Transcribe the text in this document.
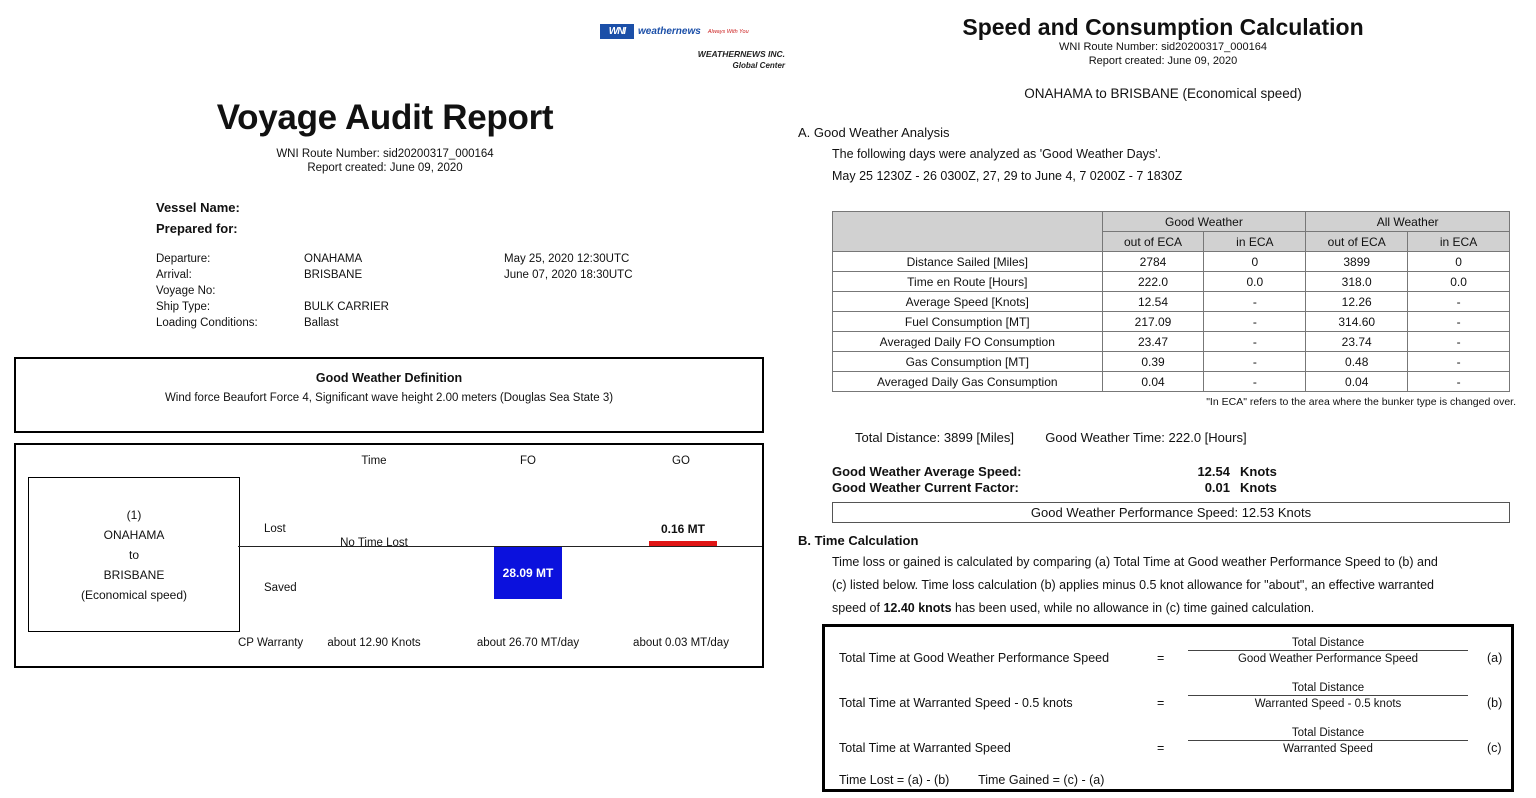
Voyage Audit Report
WNI Route Number: sid20200317_000164
Report created: June 09, 2020
Vessel Name:
Prepared for:
Departure:	ONAHAMA	May 25, 2020 12:30UTC
Arrival:	BRISBANE	June 07, 2020 18:30UTC
Voyage No:
Ship Type:	BULK CARRIER
Loading Conditions:	Ballast
Good Weather Definition
Wind force Beaufort Force 4, Significant wave height 2.00 meters (Douglas Sea State 3)
(1)
ONAHAMA
to
BRISBANE
(Economical speed)
Time	FO	GO
Lost
Saved
No Time Lost
28.09 MT
0.16 MT
CP Warranty	about 12.90 Knots	about 26.70 MT/day	about 0.03 MT/day
WNI	weathernews Always With You
WEATHERNEWS INC.
Global Center
Speed and Consumption Calculation
WNI Route Number: sid20200317_000164
Report created: June 09, 2020
ONAHAMA to BRISBANE (Economical speed)
A. Good Weather Analysis
The following days were analyzed as 'Good Weather Days'.
May 25 1230Z - 26 0300Z, 27, 29 to June 4, 7 0200Z - 7 1830Z
	Good Weather		All Weather	
	out of ECA	in ECA	out of ECA	in ECA
Distance Sailed [Miles]	2784	0	3899	0
Time en Route [Hours]	222.0	0.0	318.0	0.0
Average Speed [Knots]	12.54	-	12.26	-
Fuel Consumption [MT]	217.09	-	314.60	-
Averaged Daily FO Consumption	23.47	-	23.74	-
Gas Consumption [MT]	0.39	-	0.48	-
Averaged Daily Gas Consumption	0.04	-	0.04	-
"In ECA" refers to the area where the bunker type is changed over.
Total Distance: 3899 [Miles] Good Weather Time: 222.0 [Hours]
Good Weather Average Speed:	12.54 Knots
Good Weather Current Factor:	0.01 Knots
Good Weather Performance Speed: 12.53 Knots
B. Time Calculation
Time loss or gained is calculated by comparing (a) Total Time at Good weather Performance Speed to (b) and
(c) listed below. Time loss calculation (b) applies minus 0.5 knot allowance for "about", an effective warranted
speed of 12.40 knots has been used, while no allowance in (c) time gained calculation.
Total Time at Good Weather Performance Speed	=
Total Distance
Good Weather Performance Speed	(a)
Total Time at Warranted Speed - 0.5 knots	=
Total Distance
Warranted Speed - 0.5 knots	(b)
Total Time at Warranted Speed	=
Total Distance
Warranted Speed	(c)
Time Lost = (a) - (b) Time Gained = (c) - (a)
